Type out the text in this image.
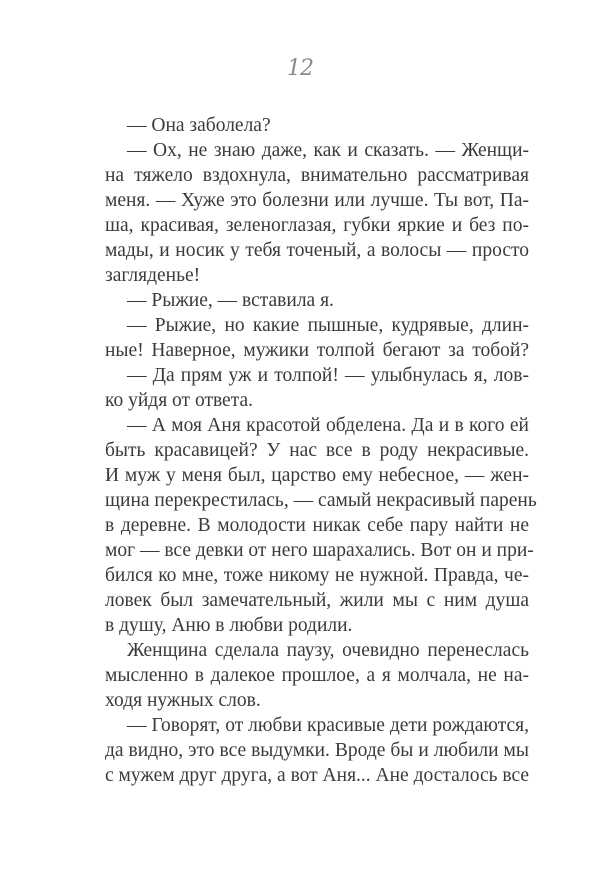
12
— Она заболела?
— Ох, не знаю даже, как и сказать. — Женщи-
на тяжело вздохнула, внимательно рассматривая
меня. — Хуже это болезни или лучше. Ты вот, Па-
ша, красивая, зеленоглазая, губки яркие и без по-
мады, и носик у тебя точеный, а волосы — просто
загляденье!
— Рыжие, — вставила я.
— Рыжие, но какие пышные, кудрявые, длин-
ные! Наверное, мужики толпой бегают за тобой?
— Да прям уж и толпой! — улыбнулась я, лов-
ко уйдя от ответа.
— А моя Аня красотой обделена. Да и в кого ей
быть красавицей? У нас все в роду некрасивые.
И муж у меня был, царство ему небесное, — жен-
щина перекрестилась, — самый некрасивый парень
в деревне. В молодости никак себе пару найти не
мог — все девки от него шарахались. Вот он и при-
бился ко мне, тоже никому не нужной. Правда, че-
ловек был замечательный, жили мы с ним душа
в душу, Аню в любви родили.
Женщина сделала паузу, очевидно перенеслась
мысленно в далекое прошлое, а я молчала, не на-
ходя нужных слов.
— Говорят, от любви красивые дети рождаются,
да видно, это все выдумки. Вроде бы и любили мы
с мужем друг друга, а вот Аня... Ане досталось все
